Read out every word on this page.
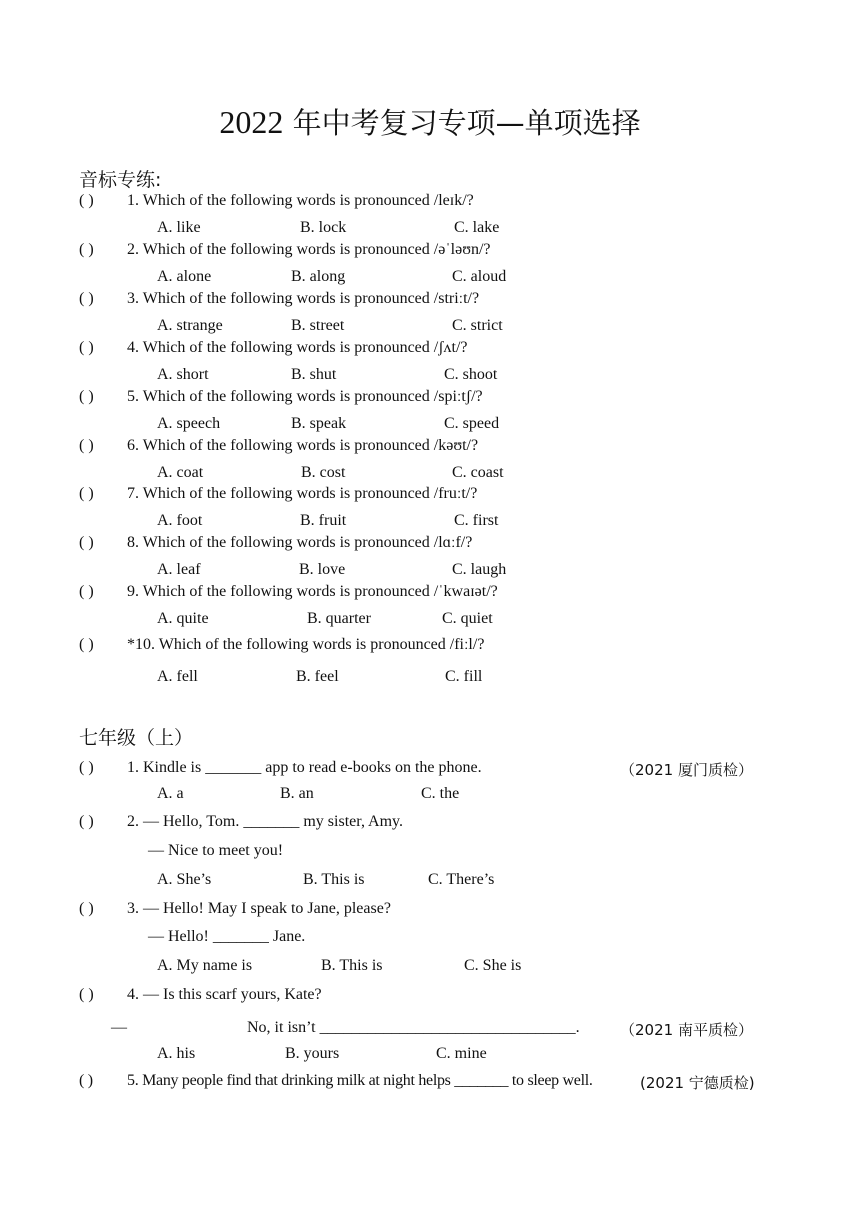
2022 年中考复习专项—单项选择
音标专练:
( ) 1. Which of the following words is pronounced /leɪk/?
A. like	B. lock	C. lake
( ) 2. Which of the following words is pronounced /əˈləʊn/?
A. alone	B. along	C. aloud
( ) 3. Which of the following words is pronounced /striːt/?
A. strange	B. street	C. strict
( ) 4. Which of the following words is pronounced /ʃʌt/?
A. short	B. shut	C. shoot
( ) 5. Which of the following words is pronounced /spiːtʃ/?
A. speech	B. speak	C. speed
( ) 6. Which of the following words is pronounced /kəʊt/?
A. coat	B. cost	C. coast
( ) 7. Which of the following words is pronounced /fruːt/?
A. foot	B. fruit	C. first
( ) 8. Which of the following words is pronounced /lɑːf/?
A. leaf	B. love	C. laugh
( ) 9. Which of the following words is pronounced /ˈkwaɪət/?
A. quite	B. quarter	C. quiet
( ) *10. Which of the following words is pronounced /fiːl/?
A. fell	B. feel	C. fill
七年级（上）
( ) 1. Kindle is _______ app to read e-books on the phone.	（2021 厦门质检）
A. a	B. an	C. the
( ) 2. — Hello, Tom. _______ my sister, Amy.
— Nice to meet you!
A. She’s	B. This is	C. There’s
( ) 3. — Hello! May I speak to Jane, please?
— Hello! _______ Jane.
A. My name is	B. This is	C. She is
( ) 4. — Is this scarf yours, Kate?
—	No, it isn’t ________________________________.	（2021 南平质检）
A. his	B. yours	C. mine
( ) 5. Many people find that drinking milk at night helps _______ to sleep well.	(2021 宁德质检)
